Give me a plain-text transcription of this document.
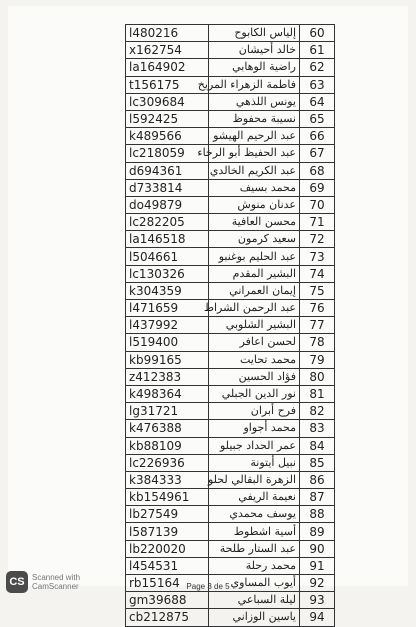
l480216	إلياس الكابوح	60
x162754	خالد أحيشان	61
la164902	راضية الوهابي	62
t156175	فاطمة الزهراء المريخ	63
lc309684	يونس اللذهي	64
l592425	نسيبة محفوظ	65
k489566	عبد الرحيم الهيشو	66
lc218059	عبد الحفيظ أبو الرخاء	67
d694361	عبد الكريم الخالدي	68
d733814	محمد بسيف	69
do49879	عدنان منوش	70
lc282205	محسن العافية	71
la146518	سعيد كرمون	72
l504661	عبد الحليم بوغنبو	73
lc130326	البشير المقدم	74
k304359	إيمان العمراني	75
l471659	عبد الرحمن الشراط	76
l437992	البشير الشلوبي	77
l519400	لحسن اعافر	78
kb99165	محمد تحايت	79
z412383	فؤاد الحسين	80
k498364	نور الدين الجبلي	81
lg31721	فرح أبران	82
k476388	محمد أجواو	83
kb88109	عمر الحداد جبيلو	84
lc226936	نبيل أيتونة	85
k384333	الزهرة البقالي لحلو	86
kb154961	نعيمة الريفي	87
lb27549	يوسف محمدي	88
l587139	أسية اشطوط	89
lb220020	عبد الستار طلحة	90
l454531	محمد رحلة	91
rb15164	أيوب المساوي	92
gm39688	ليلة السباعي	93
cb212875	ياسين الوزاني	94
Page 3 de 5
CS Scanned with
CamScanner
